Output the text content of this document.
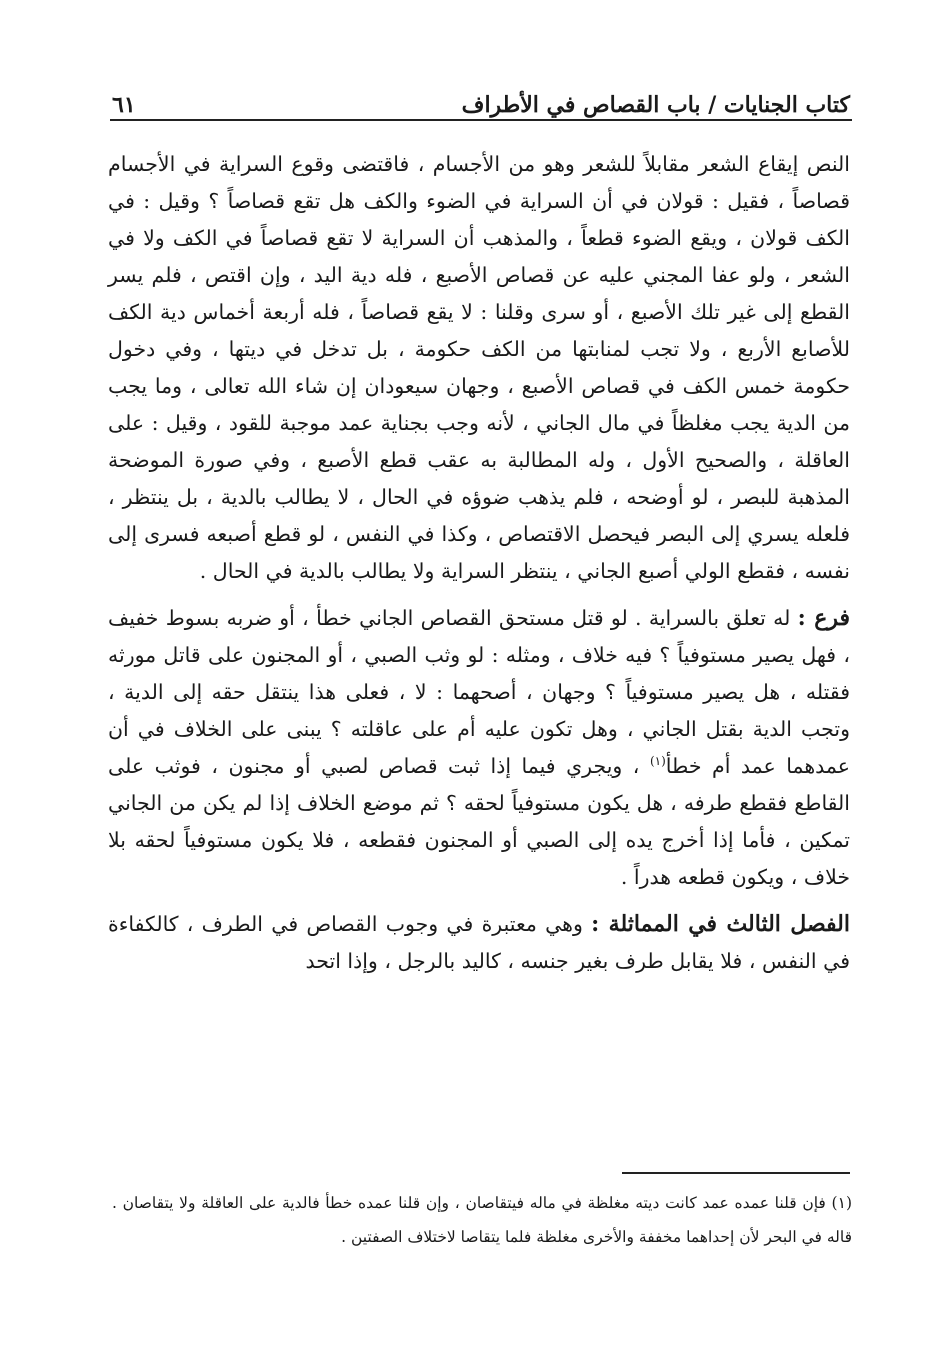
كتاب الجنايات / باب القصاص في الأطراف
٦١

النص إيقاع الشعر مقابلاً للشعر وهو من الأجسام ، فاقتضى وقوع السراية في الأجسام قصاصاً ، فقيل : قولان في أن السراية في الضوء والكف هل تقع قصاصاً ؟ وقيل : في الكف قولان ، ويقع الضوء قطعاً ، والمذهب أن السراية لا تقع قصاصاً في الكف ولا في الشعر ، ولو عفا المجني عليه عن قصاص الأصبع ، فله دية اليد ، وإن اقتص ، فلم يسر القطع إلى غير تلك الأصبع ، أو سرى وقلنا : لا يقع قصاصاً ، فله أربعة أخماس دية الكف للأصابع الأربع ، ولا تجب لمنابتها من الكف حكومة ، بل تدخل في ديتها ، وفي دخول حكومة خمس الكف في قصاص الأصبع ، وجهان سيعودان إن شاء الله تعالى ، وما يجب من الدية يجب مغلظاً في مال الجاني ، لأنه وجب بجناية عمد موجبة للقود ، وقيل : على العاقلة ، والصحيح الأول ، وله المطالبة به عقب قطع الأصبع ، وفي صورة الموضحة المذهبة للبصر ، لو أوضحه ، فلم يذهب ضوؤه في الحال ، لا يطالب بالدية ، بل ينتظر ، فلعله يسري إلى البصر فيحصل الاقتصاص ، وكذا في النفس ، لو قطع أصبعه فسرى إلى نفسه ، فقطع الولي أصبع الجاني ، ينتظر السراية ولا يطالب بالدية في الحال .

فرع : له تعلق بالسراية . لو قتل مستحق القصاص الجاني خطأ ، أو ضربه بسوط خفيف ، فهل يصير مستوفياً ؟ فيه خلاف ، ومثله : لو وثب الصبي ، أو المجنون على قاتل مورثه فقتله ، هل يصير مستوفياً ؟ وجهان ، أصحهما : لا ، فعلى هذا ينتقل حقه إلى الدية ، وتجب الدية بقتل الجاني ، وهل تكون عليه أم على عاقلته ؟ يبنى على الخلاف في أن عمدهما عمد أم خطأ$^{(١)}$ ، ويجري فيما إذا ثبت قصاص لصبي أو مجنون ، فوثب على القاطع فقطع طرفه ، هل يكون مستوفياً لحقه ؟ ثم موضع الخلاف إذا لم يكن من الجاني تمكين ، فأما إذا أخرج يده إلى الصبي أو المجنون فقطعه ، فلا يكون مستوفياً لحقه بلا خلاف ، ويكون قطعه هدراً .

الفصل الثالث في المماثلة : وهي معتبرة في وجوب القصاص في الطرف ، كالكفاءة في النفس ، فلا يقابل طرف بغير جنسه ، كاليد بالرجل ، وإذا اتحد

(١) فإن قلنا عمده عمد كانت ديته مغلظة في ماله فيتقاصان ، وإن قلنا عمده خطأ فالدية على العاقلة ولا يتقاصان . قاله في البحر لأن إحداهما مخففة والأخرى مغلظة فلما يتقاصا لاختلاف الصفتين .
